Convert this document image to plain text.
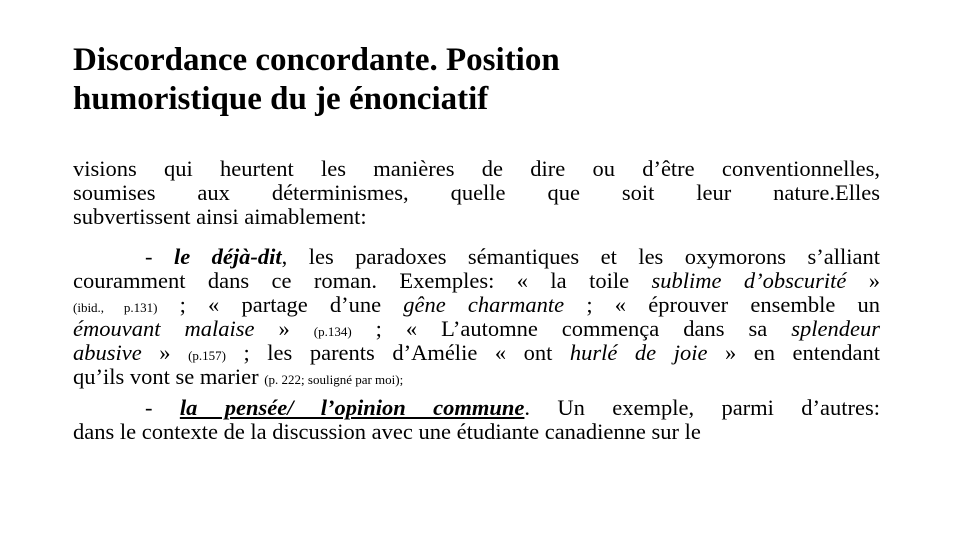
Discordance concordante. Position
humoristique du je énonciatif
visions qui heurtent les manières de dire ou d’être conventionnelles,
soumises aux déterminismes, quelle que soit leur nature.Elles
subvertissent ainsi aimablement:
- le déjà-dit, les paradoxes sémantiques et les oxymorons s’alliant
couramment dans ce roman. Exemples: « la toile sublime d’obscurité »
(ibid., p.131) ; « partage d’une gêne charmante ; « éprouver ensemble un
émouvant malaise » (p.134) ; « L’automne commença dans sa splendeur
abusive » (p.157) ; les parents d’Amélie « ont hurlé de joie » en entendant
qu’ils vont se marier (p. 222; souligné par moi);
- la pensée/ l’opinion commune. Un exemple, parmi d’autres:
dans le contexte de la discussion avec une étudiante canadienne sur le
